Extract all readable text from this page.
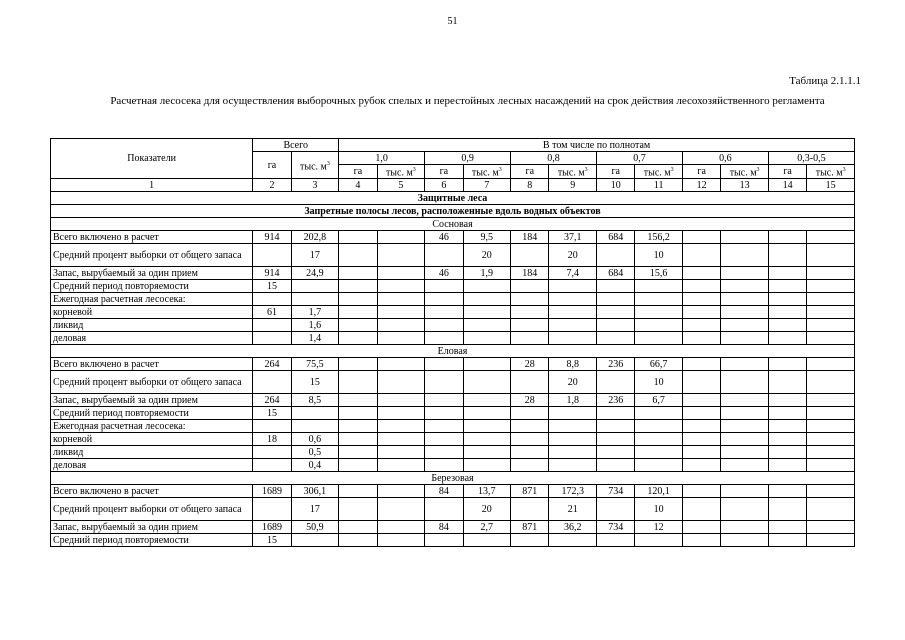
51
Таблица 2.1.1.1
Расчетная лесосека для осуществления выборочных рубок спелых и перестойных лесных насаждений на срок действия лесохозяйственного регламента
Показатели	Всего		В том числе по полнотам											
	га	тыс. $м^3$	1,0		0,9		0,8		0,7		0,6		0,3-0,5	
			га	тыс. $м^3$	га	тыс. $м^3$	га	тыс. $м^3$	га	тыс. $м^3$	га	тыс. $м^3$	га	тыс. $м^3$
1	2	3	4	5	6	7	8	9	10	11	12	13	14	15
Защитные леса														
Запретные полосы лесов, расположенные вдоль водных объектов														
Сосновая														
Всего включено в расчет	914	202,8			46	9,5	184	37,1	684	156,2				
Средний процент выборки от общего запаса		17				20		20		10				
Запас, вырубаемый за один прием	914	24,9			46	1,9	184	7,4	684	15,6				
Средний период повторяемости	15													
Ежегодная расчетная лесосека:														
корневой	61	1,7												
ликвид		1,6												
деловая		1,4												
Еловая														
Всего включено в расчет	264	75,5					28	8,8	236	66,7				
Средний процент выборки от общего запаса		15						20		10				
Запас, вырубаемый за один прием	264	8,5					28	1,8	236	6,7				
Средний период повторяемости	15													
Ежегодная расчетная лесосека:														
корневой	18	0,6												
ликвид		0,5												
деловая		0,4												
Березовая														
Всего включено в расчет	1689	306,1			84	13,7	871	172,3	734	120,1				
Средний процент выборки от общего запаса		17				20		21		10				
Запас, вырубаемый за один прием	1689	50,9			84	2,7	871	36,2	734	12				
Средний период повторяемости	15													
